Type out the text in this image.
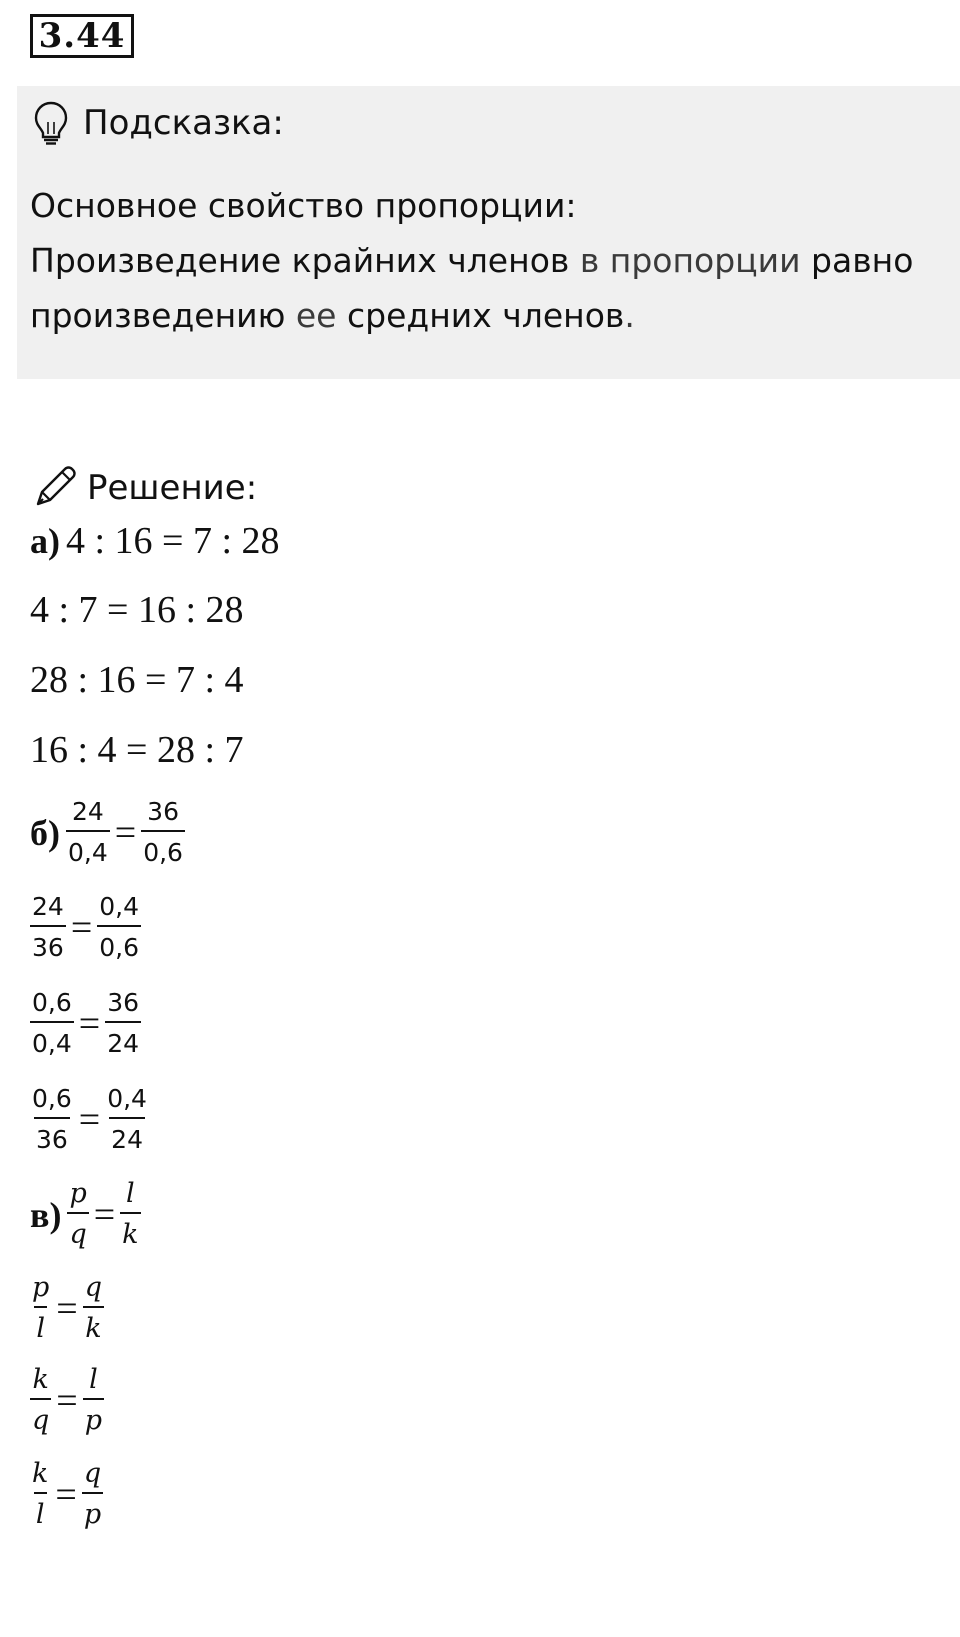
3.44
Подсказка:

Основное свойство пропорции:

Произведение крайних членов в пропорции равно

произведению ее средних членов.

Решение:
а) 4 : 16 = 7 : 28
4 : 7 = 16 : 28
28 : 16 = 7 : 4
16 : 4 = 28 : 7
$б) \frac{24}{0,4} = \frac{36}{0,6}$
$\frac{24}{36} = \frac{0,4}{0,6}$
$\frac{0,6}{0,4} = \frac{36}{24}$
$\frac{0,6}{36} = \frac{0,4}{24}$
$в) \frac{p}{q} = \frac{l}{k}$
$\frac{p}{l} = \frac{q}{k}$
$\frac{k}{q} = \frac{l}{p}$
$\frac{k}{l} = \frac{q}{p}$
